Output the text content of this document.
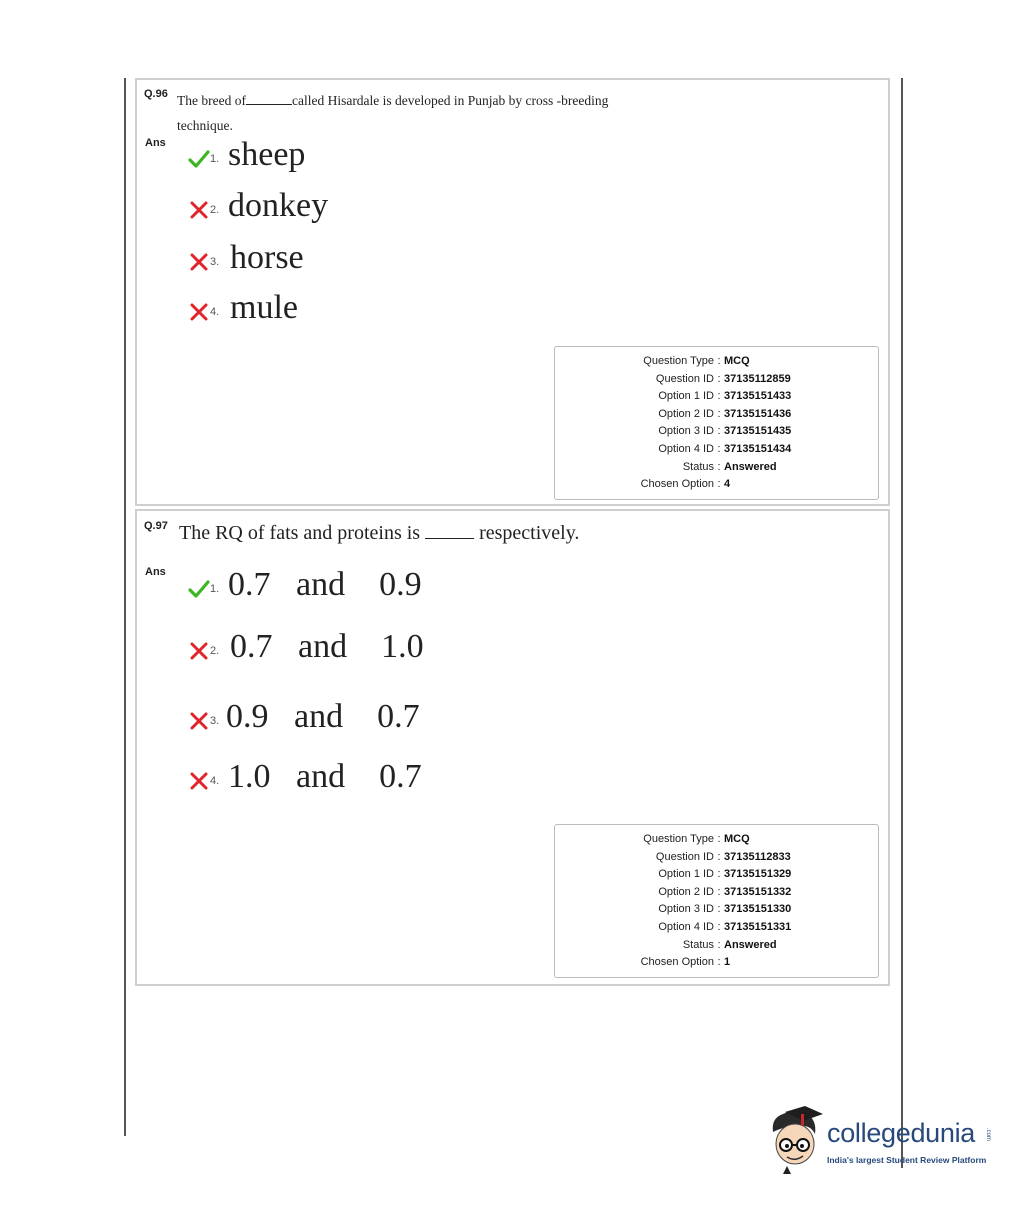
Q.96 The breed of	called Hisardale is developed in Punjab by cross -breeding
technique.
Ans
1. sheep
2. donkey
3. horse
4. mule
Question Type : MCQ
Question ID : 37135112859
Option 1 ID : 37135151433
Option 2 ID : 37135151436
Option 3 ID : 37135151435
Option 4 ID : 37135151434
Status : Answered
Chosen Option : 4
Q.97 The RQ of fats and proteins is	respectively.
Ans
1. 0.7   and    0.9
2. 0.7   and    1.0
3. 0.9   and    0.7
4. 1.0   and    0.7
Question Type : MCQ
Question ID : 37135112833
Option 1 ID : 37135151329
Option 2 ID : 37135151332
Option 3 ID : 37135151330
Option 4 ID : 37135151331
Status : Answered
Chosen Option : 1
collegedunia .com
India's largest Student Review Platform
